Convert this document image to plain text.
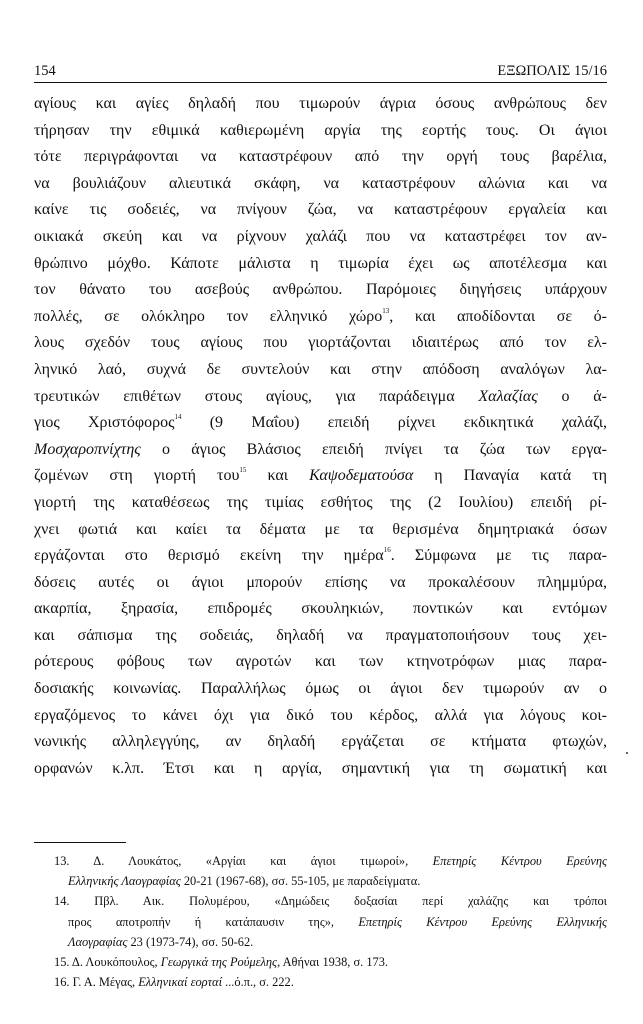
154	ΕΞΩΠΟΛΙΣ 15/16
αγίους και αγίες δηλαδή που τιμωρούν άγρια όσους ανθρώπους δεν
τήρησαν την εθιμικά καθιερωμένη αργία της εορτής τους. Οι άγιοι
τότε περιγράφονται να καταστρέφουν από την οργή τους βαρέλια,
να βουλιάζουν αλιευτικά σκάφη, να καταστρέφουν αλώνια και να
καίνε τις σοδειές, να πνίγουν ζώα, να καταστρέφουν εργαλεία και
οικιακά σκεύη και να ρίχνουν χαλάζι που να καταστρέφει τον αν-
θρώπινο μόχθο. Κάποτε μάλιστα η τιμωρία έχει ως αποτέλεσμα και
τον θάνατο του ασεβούς ανθρώπου. Παρόμοιες διηγήσεις υπάρχουν
πολλές, σε ολόκληρο τον ελληνικό χώρο$^{13}$, και αποδίδονται σε ό-
λους σχεδόν τους αγίους που γιορτάζονται ιδιαιτέρως από τον ελ-
ληνικό λαό, συχνά δε συντελούν και στην απόδοση αναλόγων λα-
τρευτικών επιθέτων στους αγίους, για παράδειγμα Χαλαζίας ο ά-
γιος Χριστόφορος$^{14}$ (9 Μαΐου) επειδή ρίχνει εκδικητικά χαλάζι,
Μοσχαροπνίχτης ο άγιος Βλάσιος επειδή πνίγει τα ζώα των εργα-
ζομένων στη γιορτή του$^{15}$ και Καψοδεματούσα η Παναγία κατά τη
γιορτή της καταθέσεως της τιμίας εσθήτος της (2 Ιουλίου) επειδή ρί-
χνει φωτιά και καίει τα δέματα με τα θερισμένα δημητριακά όσων
εργάζονται στο θερισμό εκείνη την ημέρα$^{16}$. Σύμφωνα με τις παρα-
δόσεις αυτές οι άγιοι μπορούν επίσης να προκαλέσουν πλημμύρα,
ακαρπία, ξηρασία, επιδρομές σκουληκιών, ποντικών και εντόμων
και σάπισμα της σοδειάς, δηλαδή να πραγματοποιήσουν τους χει-
ρότερους φόβους των αγροτών και των κτηνοτρόφων μιας παρα-
δοσιακής κοινωνίας. Παραλλήλως όμως οι άγιοι δεν τιμωρούν αν ο
εργαζόμενος το κάνει όχι για δικό του κέρδος, αλλά για λόγους κοι-
νωνικής αλληλεγγύης, αν δηλαδή εργάζεται σε κτήματα φτωχών,
ορφανών κ.λπ. Έτσι και η αργία, σημαντική για τη σωματική και
13. Δ. Λουκάτος, «Αργίαι και άγιοι τιμωροί», Επετηρίς Κέντρου Ερεύνης
Ελληνικής Λαογραφίας 20-21 (1967-68), σσ. 55-105, με παραδείγματα.
14. Πβλ. Αικ. Πολυμέρου, «Δημώδεις δοξασίαι περί χαλάζης και τρόποι
προς αποτροπήν ή κατάπαυσιν της», Επετηρίς Κέντρου Ερεύνης Ελληνικής
Λαογραφίας 23 (1973-74), σσ. 50-62.
15. Δ. Λουκόπουλος, Γεωργικά της Ρούμελης, Αθήναι 1938, σ. 173.
16. Γ. Α. Μέγας, Ελληνικαί εορταί ...ό.π., σ. 222.
